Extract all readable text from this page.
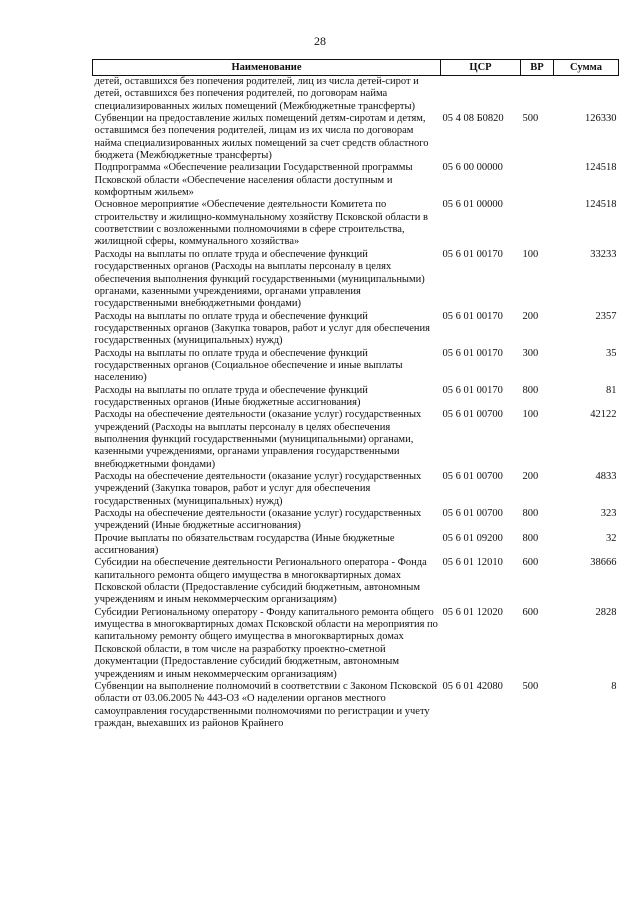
28
Наименование	ЦСР	ВР	Сумма
детей, оставшихся без попечения родителей, лиц из числа детей-сирот и детей, оставшихся без попечения родителей, по договорам найма специализированных жилых помещений (Межбюджетные трансферты)			
Субвенции на предоставление жилых помещений детям-сиротам и детям, оставшимся без попечения родителей, лицам из их числа по договорам найма специализированных жилых помещений за счет средств областного бюджета (Межбюджетные трансферты)	05 4 08 Б0820	500	126330
Подпрограмма «Обеспечение реализации Государственной программы Псковской области «Обеспечение населения области доступным и комфортным жильем»	05 6 00 00000		124518
Основное мероприятие «Обеспечение деятельности Комитета по строительству и жилищно-коммунальному хозяйству Псковской области в соответствии с возложенными полномочиями в сфере строительства, жилищной сферы, коммунального хозяйства»	05 6 01 00000		124518
Расходы на выплаты по оплате труда и обеспечение функций государственных органов (Расходы на выплаты персоналу в целях обеспечения выполнения функций государственными (муниципальными) органами, казенными учреждениями, органами управления государственными внебюджетными фондами)	05 6 01 00170	100	33233
Расходы на выплаты по оплате труда и обеспечение функций государственных органов (Закупка товаров, работ и услуг для обеспечения государственных (муниципальных) нужд)	05 6 01 00170	200	2357
Расходы на выплаты по оплате труда и обеспечение функций государственных органов (Социальное обеспечение и иные выплаты населению)	05 6 01 00170	300	35
Расходы на выплаты по оплате труда и обеспечение функций государственных органов (Иные бюджетные ассигнования)	05 6 01 00170	800	81
Расходы на обеспечение деятельности (оказание услуг) государственных учреждений (Расходы на выплаты персоналу в целях обеспечения выполнения функций государственными (муниципальными) органами, казенными учреждениями, органами управления государственными внебюджетными фондами)	05 6 01 00700	100	42122
Расходы на обеспечение деятельности (оказание услуг) государственных учреждений (Закупка товаров, работ и услуг для обеспечения государственных (муниципальных) нужд)	05 6 01 00700	200	4833
Расходы на обеспечение деятельности (оказание услуг) государственных учреждений (Иные бюджетные ассигнования)	05 6 01 00700	800	323
Прочие выплаты по обязательствам государства (Иные бюджетные ассигнования)	05 6 01 09200	800	32
Субсидии на обеспечение деятельности Регионального оператора - Фонда капитального ремонта общего имущества в многоквартирных домах Псковской области (Предоставление субсидий бюджетным, автономным учреждениям и иным некоммерческим организациям)	05 6 01 12010	600	38666
Субсидии Региональному оператору - Фонду капитального ремонта общего имущества в многоквартирных домах Псковской области на мероприятия по капитальному ремонту общего имущества в многоквартирных домах Псковской области, в том числе на разработку проектно-сметной документации (Предоставление субсидий бюджетным, автономным учреждениям и иным некоммерческим организациям)	05 6 01 12020	600	2828
Субвенции на выполнение полномочий в соответствии с Законом Псковской области от 03.06.2005 № 443-ОЗ «О наделении органов местного самоуправления государственными полномочиями по регистрации и учету граждан, выехавших из районов Крайнего	05 6 01 42080	500	8
